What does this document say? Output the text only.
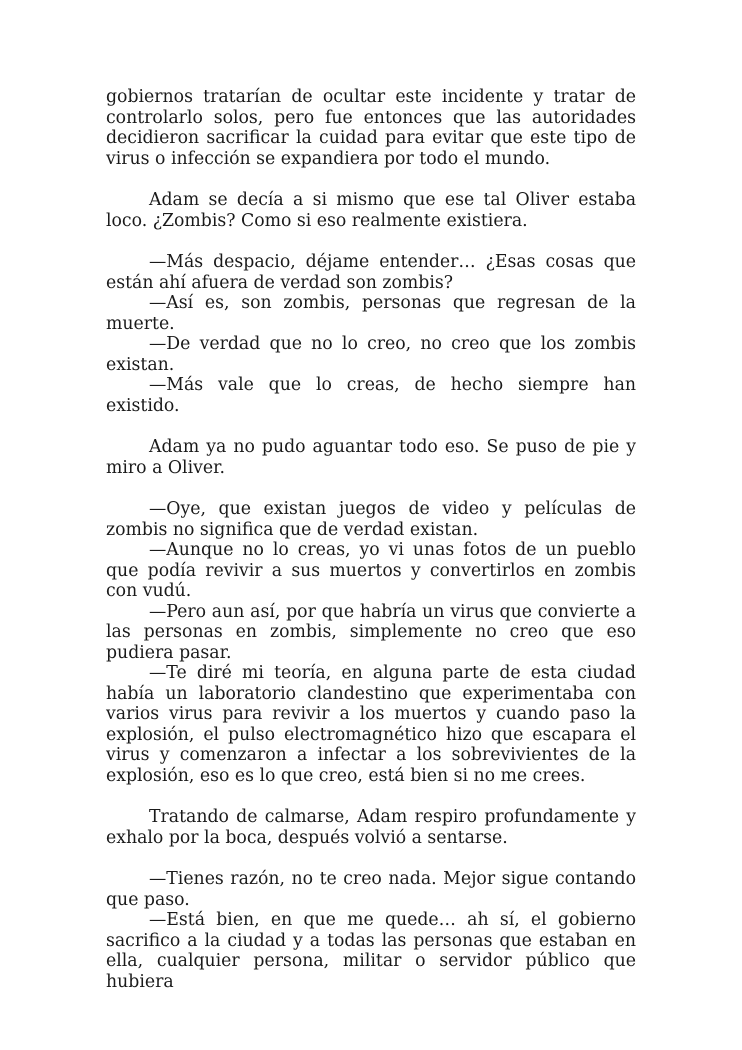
gobiernos tratarían de ocultar este incidente y tratar de controlarlo solos, pero fue entonces que las autoridades decidieron sacrificar la cuidad para evitar que este tipo de virus o infección se expandiera por todo el mundo.

Adam se decía a si mismo que ese tal Oliver estaba loco. ¿Zombis? Como si eso realmente existiera.

—Más despacio, déjame entender… ¿Esas cosas que están ahí afuera de verdad son zombis?

—Así es, son zombis, personas que regresan de la muerte.

—De verdad que no lo creo, no creo que los zombis existan.

—Más vale que lo creas, de hecho siempre han existido.

Adam ya no pudo aguantar todo eso. Se puso de pie y miro a Oliver.

—Oye, que existan juegos de video y películas de zombis no significa que de verdad existan.

—Aunque no lo creas, yo vi unas fotos de un pueblo que podía revivir a sus muertos y convertirlos en zombis con vudú.

—Pero aun así, por que habría un virus que convierte a las personas en zombis, simplemente no creo que eso pudiera pasar.

—Te diré mi teoría, en alguna parte de esta ciudad había un laboratorio clandestino que experimentaba con varios virus para revivir a los muertos y cuando paso la explosión, el pulso electromagnético hizo que escapara el virus y comenzaron a infectar a los sobrevivientes de la explosión, eso es lo que creo, está bien si no me crees.

Tratando de calmarse, Adam respiro profundamente y exhalo por la boca, después volvió a sentarse.

—Tienes razón, no te creo nada. Mejor sigue contando que paso.

—Está bien, en que me quede… ah sí, el gobierno sacrifico a la ciudad y a todas las personas que estaban en ella, cualquier persona, militar o servidor público que hubiera
